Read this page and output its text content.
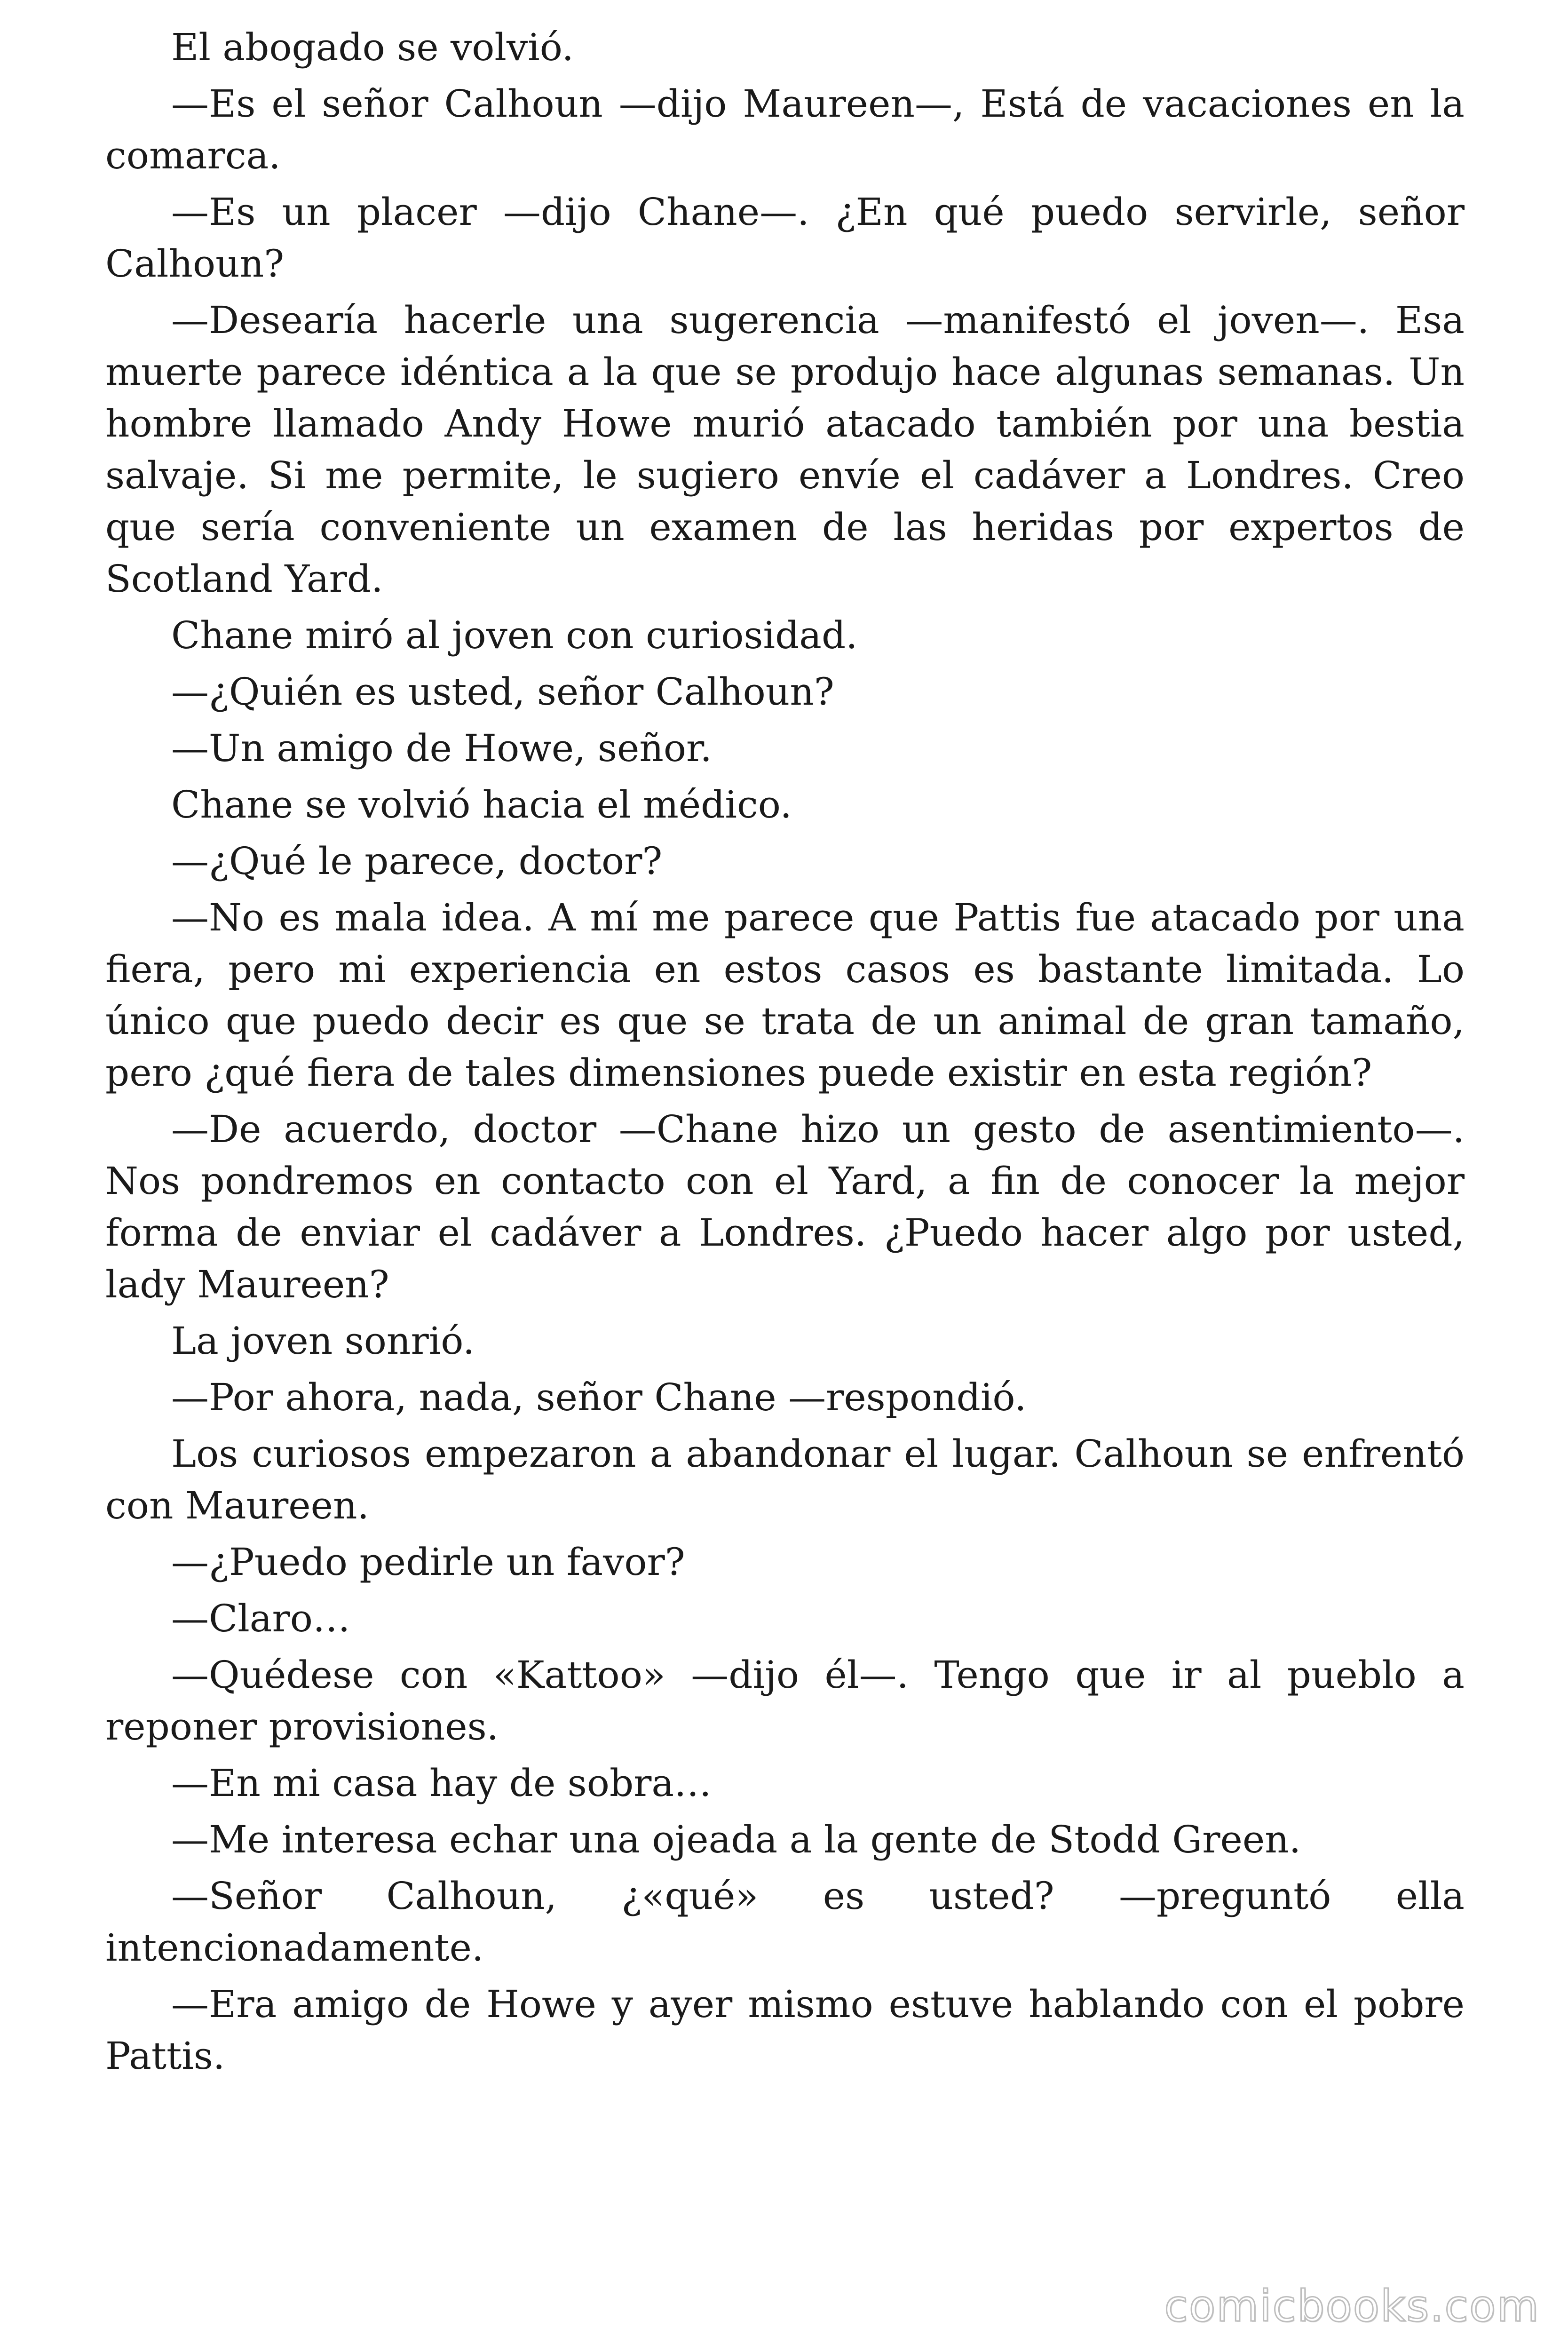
El abogado se volvió.

—Es el señor Calhoun —dijo Maureen—, Está de vacaciones en la comarca.

—Es un placer —dijo Chane—. ¿En qué puedo servirle, señor Calhoun?

—Desearía hacerle una sugerencia —manifestó el joven—. Esa muerte parece idéntica a la que se produjo hace algunas semanas. Un hombre llamado Andy Howe murió atacado también por una bestia salvaje. Si me permite, le sugiero envíe el cadáver a Londres. Creo que sería conveniente un examen de las heridas por expertos de Scotland Yard.

Chane miró al joven con curiosidad.

—¿Quién es usted, señor Calhoun?

—Un amigo de Howe, señor.

Chane se volvió hacia el médico.

—¿Qué le parece, doctor?

—No es mala idea. A mí me parece que Pattis fue atacado por una fiera, pero mi experiencia en estos casos es bastante limitada. Lo único que puedo decir es que se trata de un animal de gran tamaño, pero ¿qué fiera de tales dimensiones puede existir en esta región?

—De acuerdo, doctor —Chane hizo un gesto de asentimiento—. Nos pondremos en contacto con el Yard, a fin de conocer la mejor forma de enviar el cadáver a Londres. ¿Puedo hacer algo por usted, lady Maureen?

La joven sonrió.

—Por ahora, nada, señor Chane —respondió.

Los curiosos empezaron a abandonar el lugar. Calhoun se enfrentó con Maureen.

—¿Puedo pedirle un favor?

—Claro…

—Quédese con «Kattoo» —dijo él—. Tengo que ir al pueblo a reponer provisiones.

—En mi casa hay de sobra…

—Me interesa echar una ojeada a la gente de Stodd Green.

—Señor Calhoun, ¿«qué» es usted? —preguntó ella intencionadamente.

—Era amigo de Howe y ayer mismo estuve hablando con el pobre Pattis.

comicbooks.com
